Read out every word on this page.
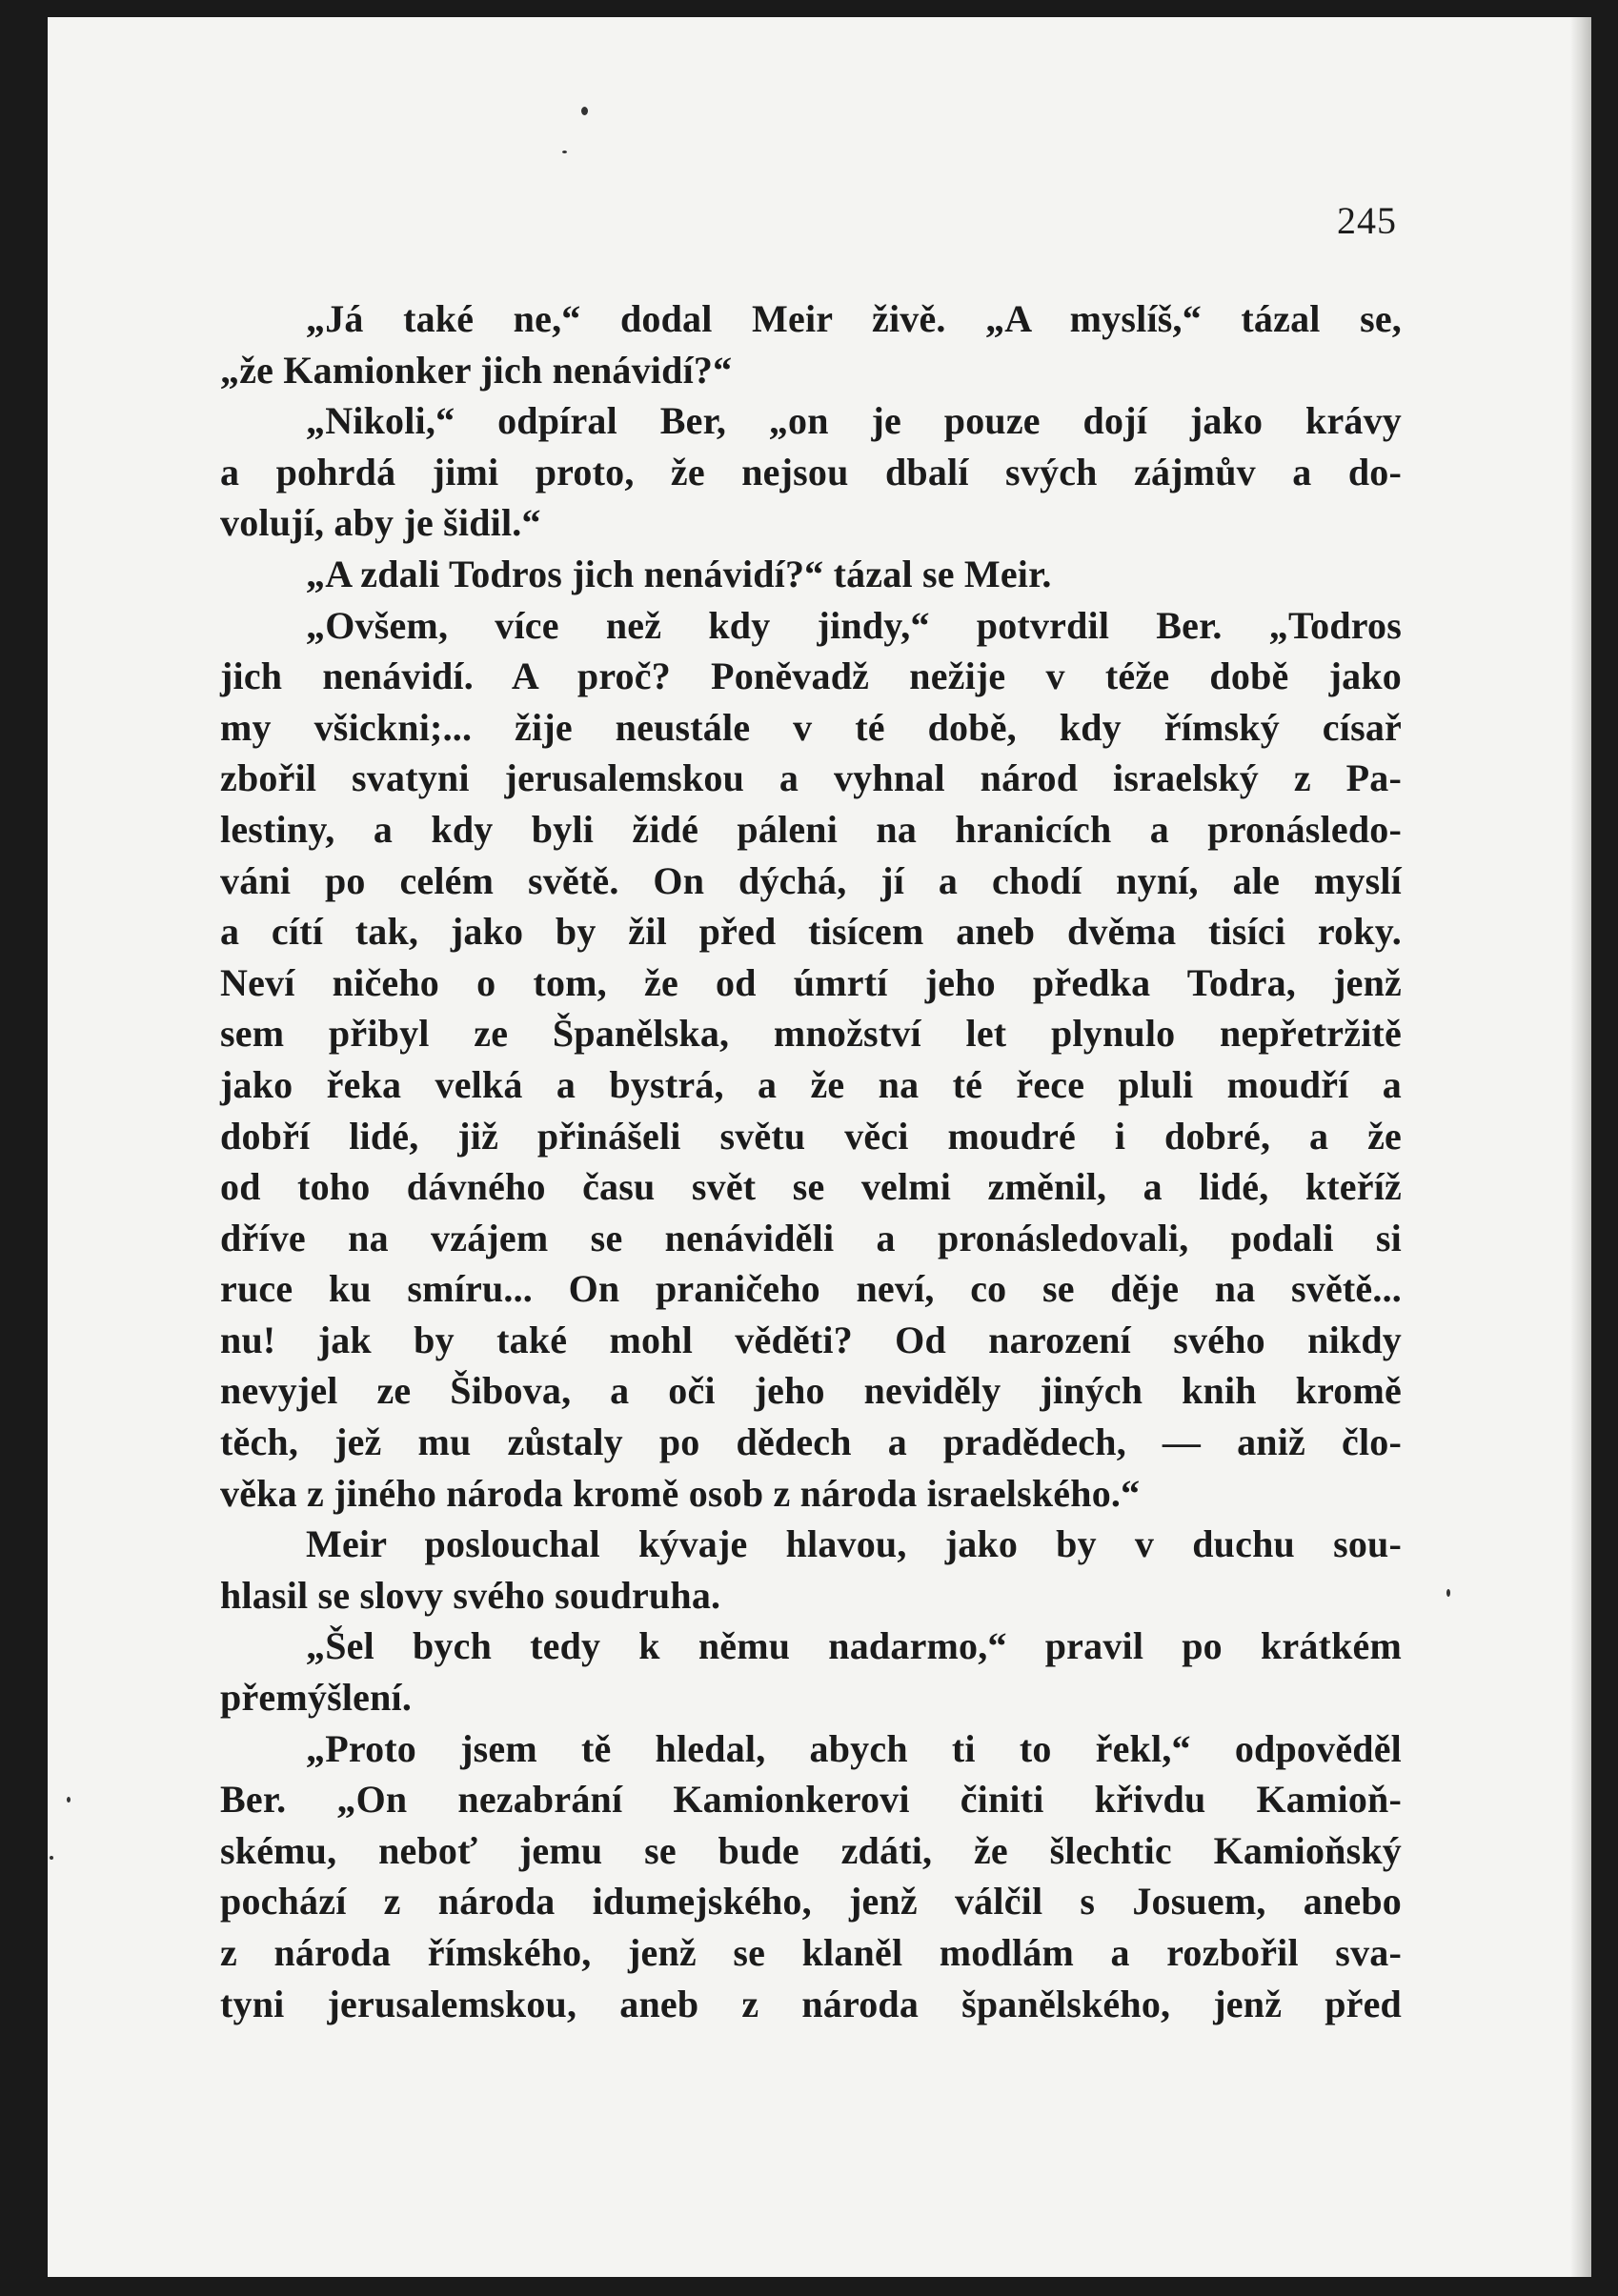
245
„Já také ne,“ dodal Meir živě. „A myslíš,“ tázal se,
„že Kamionker jich nenávidí?“
„Nikoli,“ odpíral Ber, „on je pouze dojí jako krávy
a pohrdá jimi proto, že nejsou dbalí svých zájmův a do-
volují, aby je šidil.“
„A zdali Todros jich nenávidí?“ tázal se Meir.
„Ovšem, více než kdy jindy,“ potvrdil Ber. „Todros
jich nenávidí. A proč? Poněvadž nežije v téže době jako
my všickni;... žije neustále v té době, kdy římský císař
zbořil svatyni jerusalemskou a vyhnal národ israelský z Pa-
lestiny, a kdy byli židé páleni na hranicích a pronásledo-
váni po celém světě. On dýchá, jí a chodí nyní, ale myslí
a cítí tak, jako by žil před tisícem aneb dvěma tisíci roky.
Neví ničeho o tom, že od úmrtí jeho předka Todra, jenž
sem přibyl ze Španělska, množství let plynulo nepřetržitě
jako řeka velká a bystrá, a že na té řece pluli moudří a
dobří lidé, již přinášeli světu věci moudré i dobré, a že
od toho dávného času svět se velmi změnil, a lidé, kteříž
dříve na vzájem se nenáviděli a pronásledovali, podali si
ruce ku smíru... On praničeho neví, co se děje na světě...
nu! jak by také mohl věděti? Od narození svého nikdy
nevyjel ze Šibova, a oči jeho neviděly jiných knih kromě
těch, jež mu zůstaly po dědech a pradědech, — aniž člo-
věka z jiného národa kromě osob z národa israelského.“
Meir poslouchal kývaje hlavou, jako by v duchu sou-
hlasil se slovy svého soudruha.
„Šel bych tedy k němu nadarmo,“ pravil po krátkém
přemýšlení.
„Proto jsem tě hledal, abych ti to řekl,“ odpověděl
Ber. „On nezabrání Kamionkerovi činiti křivdu Kamioň-
skému, neboť jemu se bude zdáti, že šlechtic Kamioňský
pochází z národa idumejského, jenž válčil s Josuem, anebo
z národa římského, jenž se klaněl modlám a rozbořil sva-
tyni jerusalemskou, aneb z národa španělského, jenž před
